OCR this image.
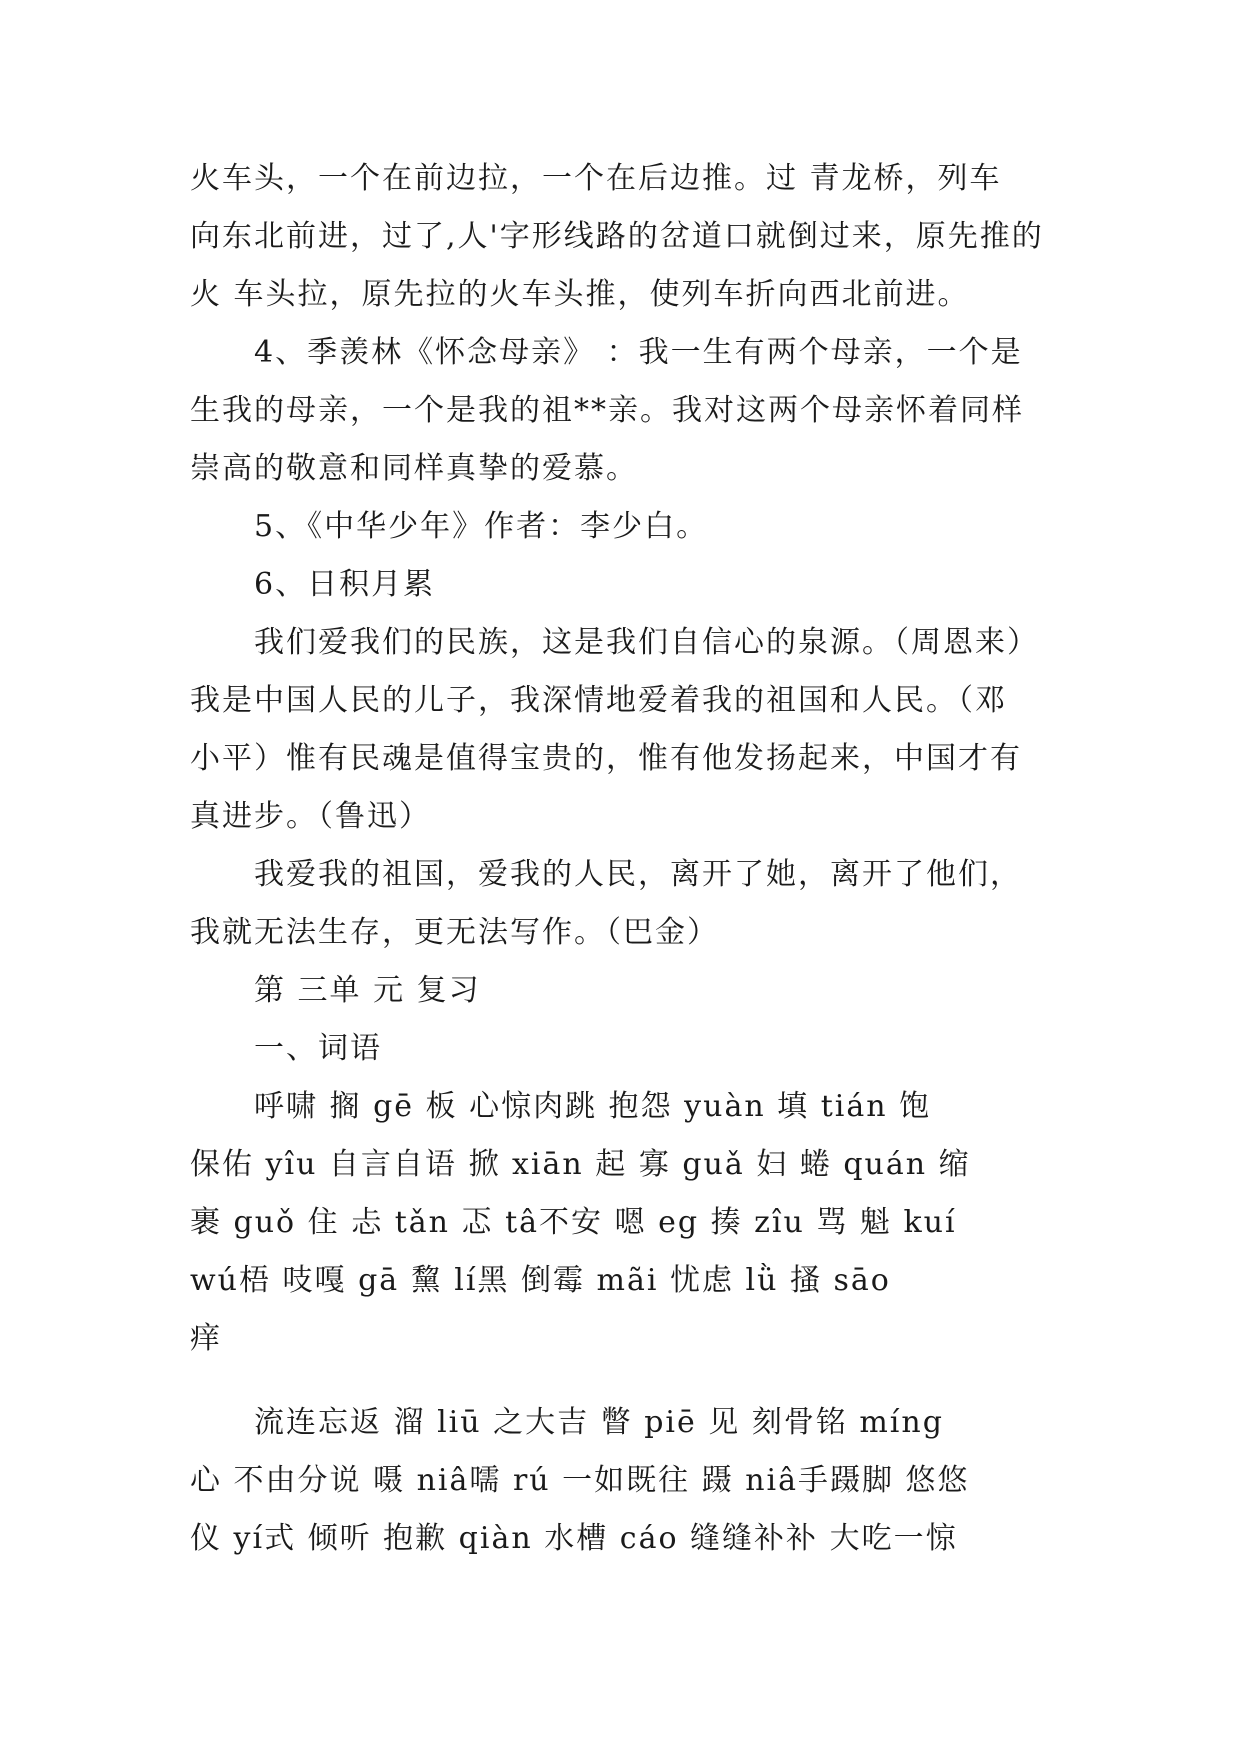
火车头，一个在前边拉，一个在后边推。过 青龙桥，列车
向东北前进，过了,人'字形线路的岔道口就倒过来，原先推的
火 车头拉，原先拉的火车头推，使列车折向西北前进。
4、季羡林《怀念母亲》 ：我一生有两个母亲，一个是
生我的母亲，一个是我的祖**亲。我对这两个母亲怀着同样
崇高的敬意和同样真挚的爱慕。
5、《中华少年》作者：李少白。
6、日积月累
我们爱我们的民族，这是我们自信心的泉源。（周恩来）
我是中国人民的儿子，我深情地爱着我的祖国和人民。（邓
小平）惟有民魂是值得宝贵的，惟有他发扬起来，中国才有
真进步。（鲁迅）
我爱我的祖国，爱我的人民，离开了她，离开了他们，
我就无法生存，更无法写作。（巴金）
第 三单 元 复习
一、词语
呼啸 搁 gē 板 心惊肉跳 抱怨 yuàn 填 tián 饱
保佑 yîu 自言自语 掀 xiān 起 寡 guǎ 妇 蜷 quán 缩
裹 guǒ 住 忐 tǎn 忑 tâ不安 嗯 eg 揍 zîu 骂 魁 kuí
wú梧 吱嘎 gā 黧 lí黑 倒霉 mãi 忧虑 lǜ 搔 sāo
痒
流连忘返 溜 liū 之大吉 瞥 piē 见 刻骨铭 míng
心 不由分说 嗫 niâ嚅 rú 一如既往 蹑 niâ手蹑脚 悠悠
仪 yí式 倾听 抱歉 qiàn 水槽 cáo 缝缝补补 大吃一惊
